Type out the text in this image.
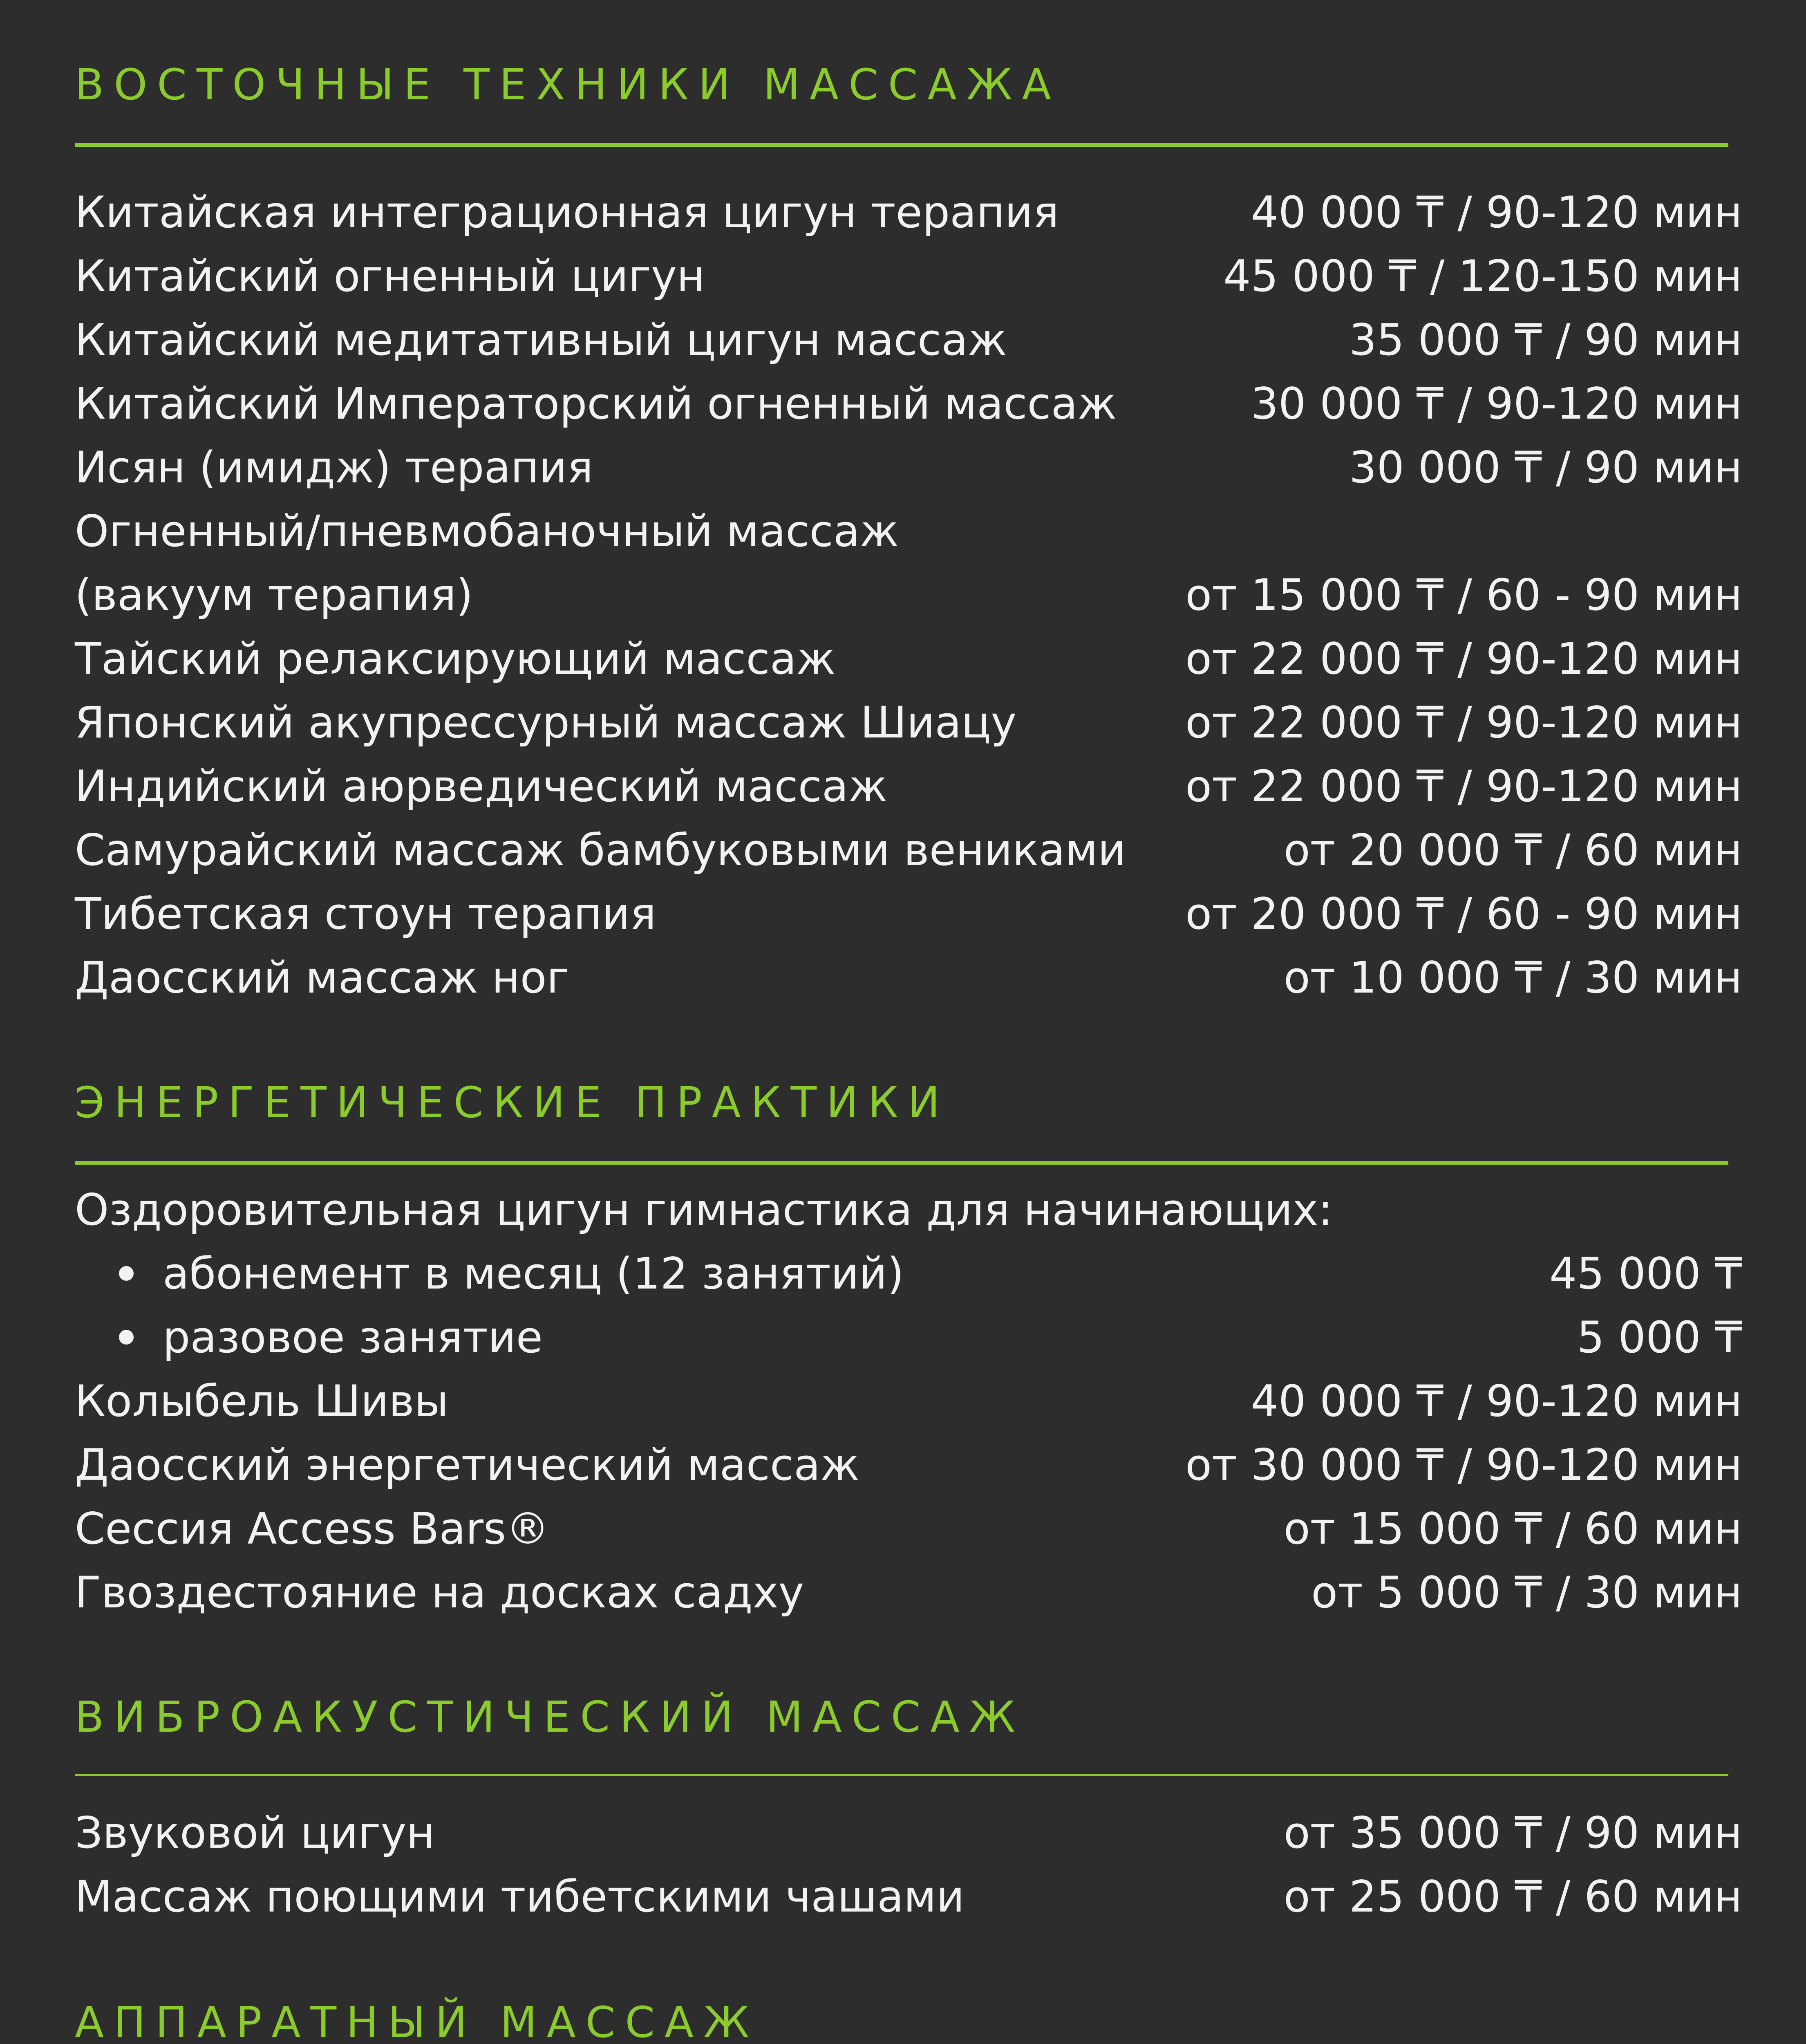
ВОСТОЧНЫЕ ТЕХНИКИ МАССАЖА
Китайская интеграционная цигун терапия	40 000 ₸ / 90-120 мин
Китайский огненный цигун	45 000 ₸ / 120-150 мин
Китайский медитативный цигун массаж	35 000 ₸ / 90 мин
Китайский Императорский огненный массаж	30 000 ₸ / 90-120 мин
Исян (имидж) терапия	30 000 ₸ / 90 мин
Огненный/пневмобаночный массаж
(вакуум терапия)	от 15 000 ₸ / 60 - 90 мин
Тайский релаксирующий массаж	от 22 000 ₸ / 90-120 мин
Японский акупрессурный массаж Шиацу	от 22 000 ₸ / 90-120 мин
Индийский аюрведический массаж	от 22 000 ₸ / 90-120 мин
Самурайский массаж бамбуковыми вениками	от 20 000 ₸ / 60 мин
Тибетская стоун терапия	от 20 000 ₸ / 60 - 90 мин
Даосский массаж ног	от 10 000 ₸ / 30 мин
ЭНЕРГЕТИЧЕСКИЕ ПРАКТИКИ
Оздоровительная цигун гимнастика для начинающих:
абонемент в месяц (12 занятий)	45 000 ₸
разовое занятие	5 000 ₸
Колыбель Шивы	40 000 ₸ / 90-120 мин
Даосский энергетический массаж	от 30 000 ₸ / 90-120 мин
Сессия Access Bars®	от 15 000 ₸ / 60 мин
Гвоздестояние на досках садху	от 5 000 ₸ / 30 мин
ВИБРОАКУСТИЧЕСКИЙ МАССАЖ
Звуковой цигун	от 35 000 ₸ / 90 мин
Массаж поющими тибетскими чашами	от 25 000 ₸ / 60 мин
АППАРАТНЫЙ МАССАЖ
